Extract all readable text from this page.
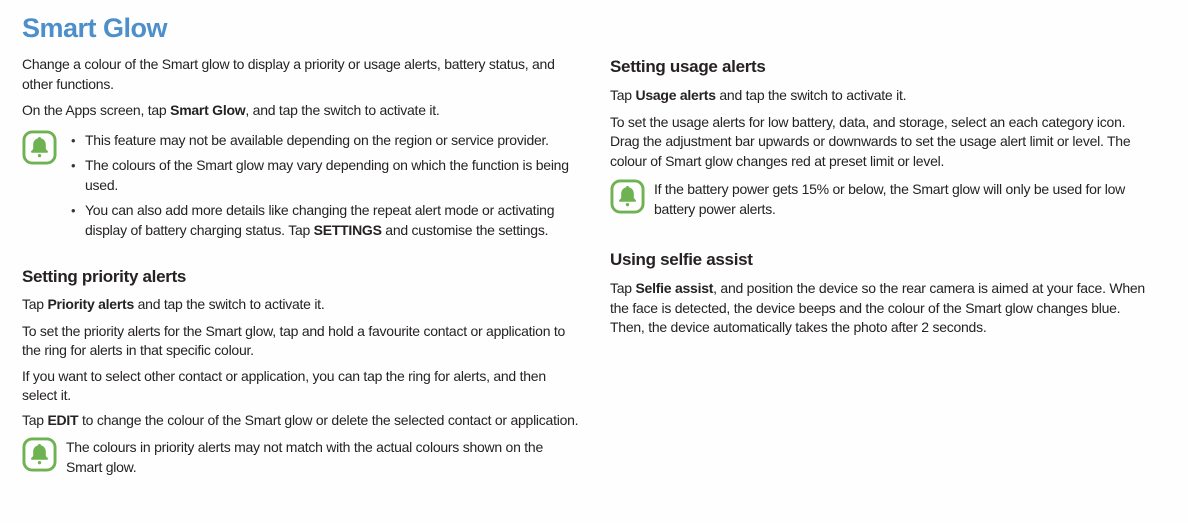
Smart Glow

Change a colour of the Smart glow to display a priority or usage alerts, battery status, and other functions.

On the Apps screen, tap Smart Glow, and tap the switch to activate it.

• This feature may not be available depending on the region or service provider.
• The colours of the Smart glow may vary depending on which the function is being used.
• You can also add more details like changing the repeat alert mode or activating display of battery charging status. Tap SETTINGS and customise the settings.
Setting priority alerts

Tap Priority alerts and tap the switch to activate it.

To set the priority alerts for the Smart glow, tap and hold a favourite contact or application to the ring for alerts in that specific colour.

If you want to select other contact or application, you can tap the ring for alerts, and then select it.

Tap EDIT to change the colour of the Smart glow or delete the selected contact or application.

The colours in priority alerts may not match with the actual colours shown on the Smart glow.
Setting usage alerts

Tap Usage alerts and tap the switch to activate it.

To set the usage alerts for low battery, data, and storage, select an each category icon. Drag the adjustment bar upwards or downwards to set the usage alert limit or level. The colour of Smart glow changes red at preset limit or level.

If the battery power gets 15% or below, the Smart glow will only be used for low battery power alerts.
Using selfie assist

Tap Selfie assist, and position the device so the rear camera is aimed at your face. When the face is detected, the device beeps and the colour of the Smart glow changes blue. Then, the device automatically takes the photo after 2 seconds.
